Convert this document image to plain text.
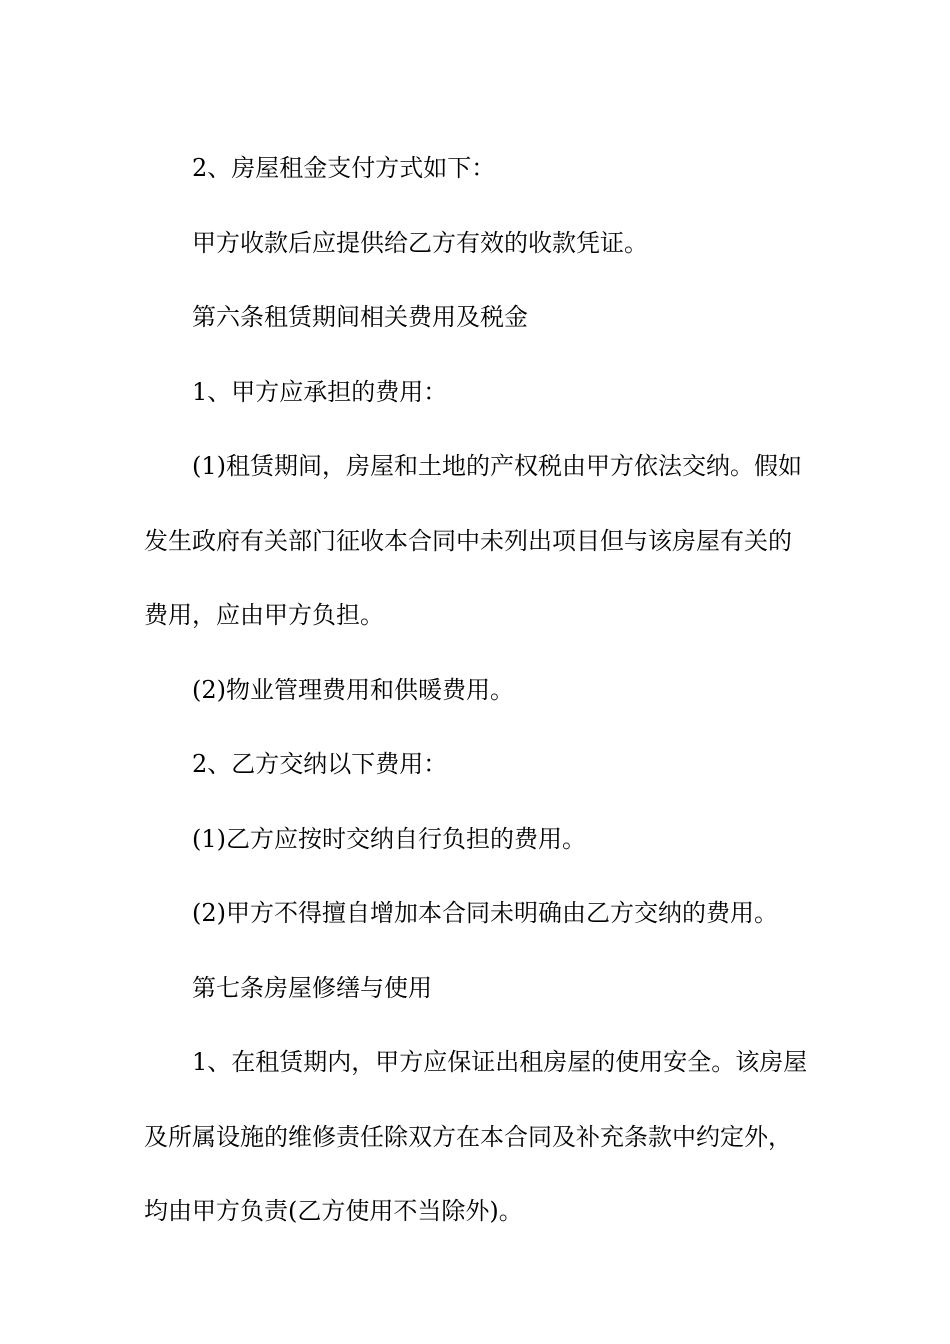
2、房屋租金支付方式如下：
甲方收款后应提供给乙方有效的收款凭证。
第六条租赁期间相关费用及税金
1、甲方应承担的费用：
(1)租赁期间，房屋和土地的产权税由甲方依法交纳。假如
发生政府有关部门征收本合同中未列出项目但与该房屋有关的
费用，应由甲方负担。
(2)物业管理费用和供暖费用。
2、乙方交纳以下费用：
(1)乙方应按时交纳自行负担的费用。
(2)甲方不得擅自增加本合同未明确由乙方交纳的费用。
第七条房屋修缮与使用
1、在租赁期内，甲方应保证出租房屋的使用安全。该房屋
及所属设施的维修责任除双方在本合同及补充条款中约定外，
均由甲方负责(乙方使用不当除外)。
